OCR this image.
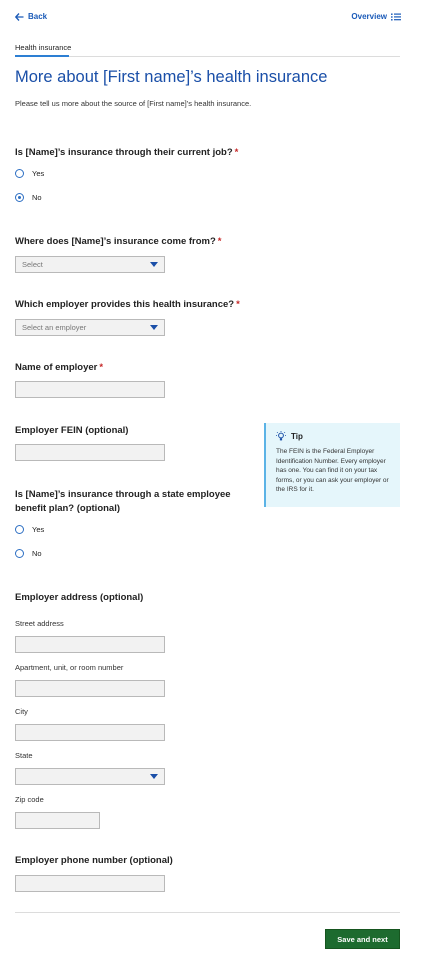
Back	Overview
Health insurance
More about [First name]’s health insurance
Please tell us more about the source of [First name]’s health insurance.
Is [Name]’s insurance through their current job? *
Yes
No
Where does [Name]’s insurance come from? *
Select
Which employer provides this health insurance? *
Select an employer
Name of employer *
Employer FEIN (optional)
Tip
The FEIN is the Federal Employer Identification Number. Every employer has one. You can find it on your tax forms, or you can ask your employer or the IRS for it.
Is [Name]’s insurance through a state employee
benefit plan? (optional)
Yes
No
Employer address (optional)
Street address
Apartment, unit, or room number
City
State
Zip code
Employer phone number (optional)
Save and next
